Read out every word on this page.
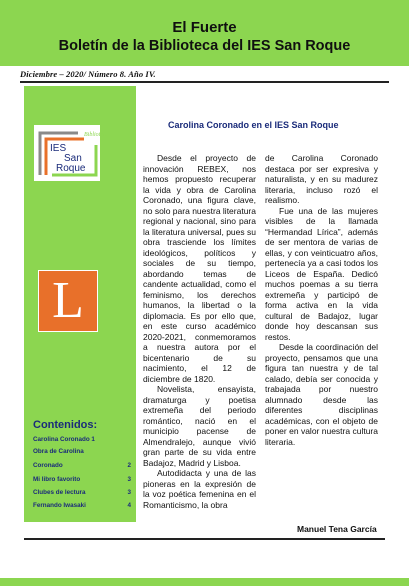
El Fuerte
Boletín de la Biblioteca del IES San Roque
Diciembre – 2020/ Número 8. Año IV.
Biblioteca
IES
San
Roque
L
Contenidos:
Carolina Coronado 1
Obra de Carolina
Coronado	2
Mi libro favorito	3
Clubes de lectura	3
Fernando Iwasaki	4
Carolina Coronado en el IES San Roque

Desde el proyecto de innovación REBEX, nos hemos propuesto recuperar la vida y obra de Carolina Coronado, una figura clave, no solo para nuestra literatura regional y nacional, sino para la literatura universal, pues su obra trasciende los límites ideológicos, políticos y sociales de su tiempo, abordando temas de candente actualidad, como el feminismo, los derechos humanos, la libertad o la diplomacia. Es por ello que, en este curso académico 2020-2021, conmemoramos a nuestra autora por el bicentenario de su nacimiento, el 12 de diciembre de 1820.

Novelista, ensayista, dramaturga y poetisa extremeña del periodo romántico, nació en el municipio pacense de Almendralejo, aunque vivió gran parte de su vida entre Badajoz, Madrid y Lisboa.

Autodidacta y una de las pioneras en la expresión de la voz poética femenina en el Romanticismo, la obra

de Carolina Coronado destaca por ser expresiva y naturalista, y en su madurez literaria, incluso rozó el realismo.

Fue una de las mujeres visibles de la llamada “Hermandad Lírica”, además de ser mentora de varias de ellas, y con veinticuatro años, pertenecía ya a casi todos los Liceos de España. Dedicó muchos poemas a su tierra extremeña y participó de forma activa en la vida cultural de Badajoz, lugar donde hoy descansan sus restos.

Desde la coordinación del proyecto, pensamos que una figura tan nuestra y de tal calado, debía ser conocida y trabajada por nuestro alumnado desde las diferentes disciplinas académicas, con el objeto de poner en valor nuestra cultura literaria.

Manuel Tena García
